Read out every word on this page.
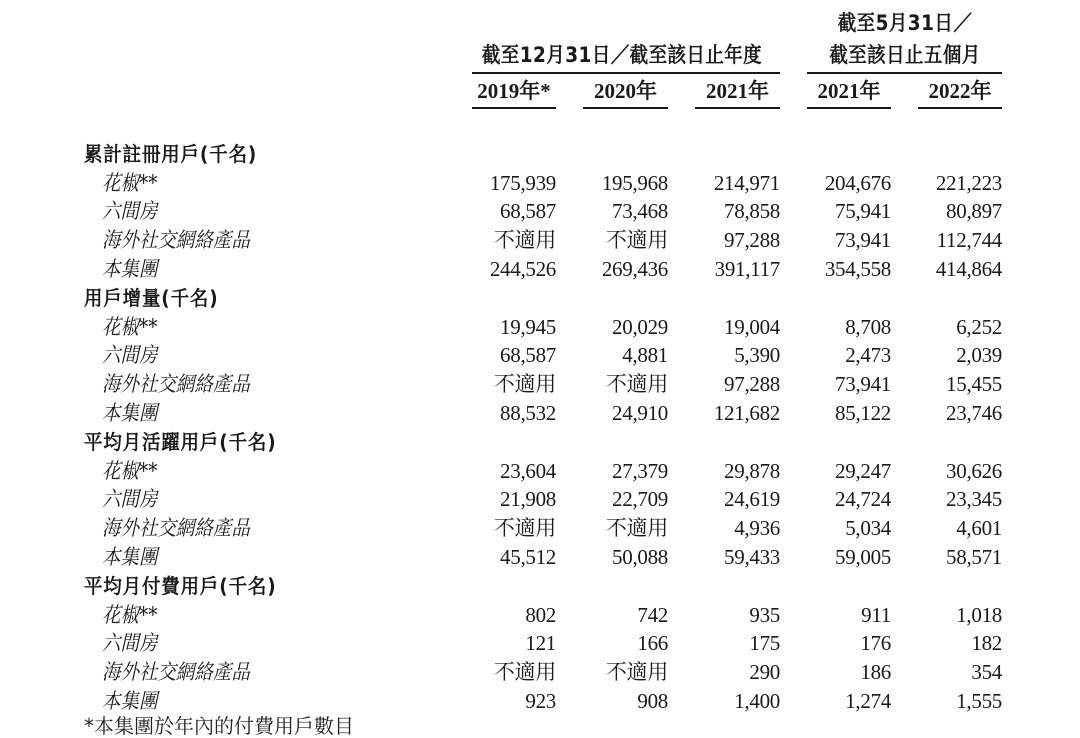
截至12月31日／截至該日止年度
截至5月31日／
截至該日止五個月
2019年*	2020年	2021年	2021年	2022年
累計註冊用戶(千名)
花椒**	175,939	195,968	214,971	204,676	221,223
六間房	68,587	73,468	78,858	75,941	80,897
海外社交網絡產品	不適用	不適用	97,288	73,941	112,744
本集團	244,526	269,436	391,117	354,558	414,864
用戶增量(千名)
花椒**	19,945	20,029	19,004	8,708	6,252
六間房	68,587	4,881	5,390	2,473	2,039
海外社交網絡產品	不適用	不適用	97,288	73,941	15,455
本集團	88,532	24,910	121,682	85,122	23,746
平均月活躍用戶(千名)
花椒**	23,604	27,379	29,878	29,247	30,626
六間房	21,908	22,709	24,619	24,724	23,345
海外社交網絡產品	不適用	不適用	4,936	5,034	4,601
本集團	45,512	50,088	59,433	59,005	58,571
平均月付費用戶(千名)
花椒**	802	742	935	911	1,018
六間房	121	166	175	176	182
海外社交網絡產品	不適用	不適用	290	186	354
本集團	923	908	1,400	1,274	1,555
*本集團於年內的付費用戶數目
